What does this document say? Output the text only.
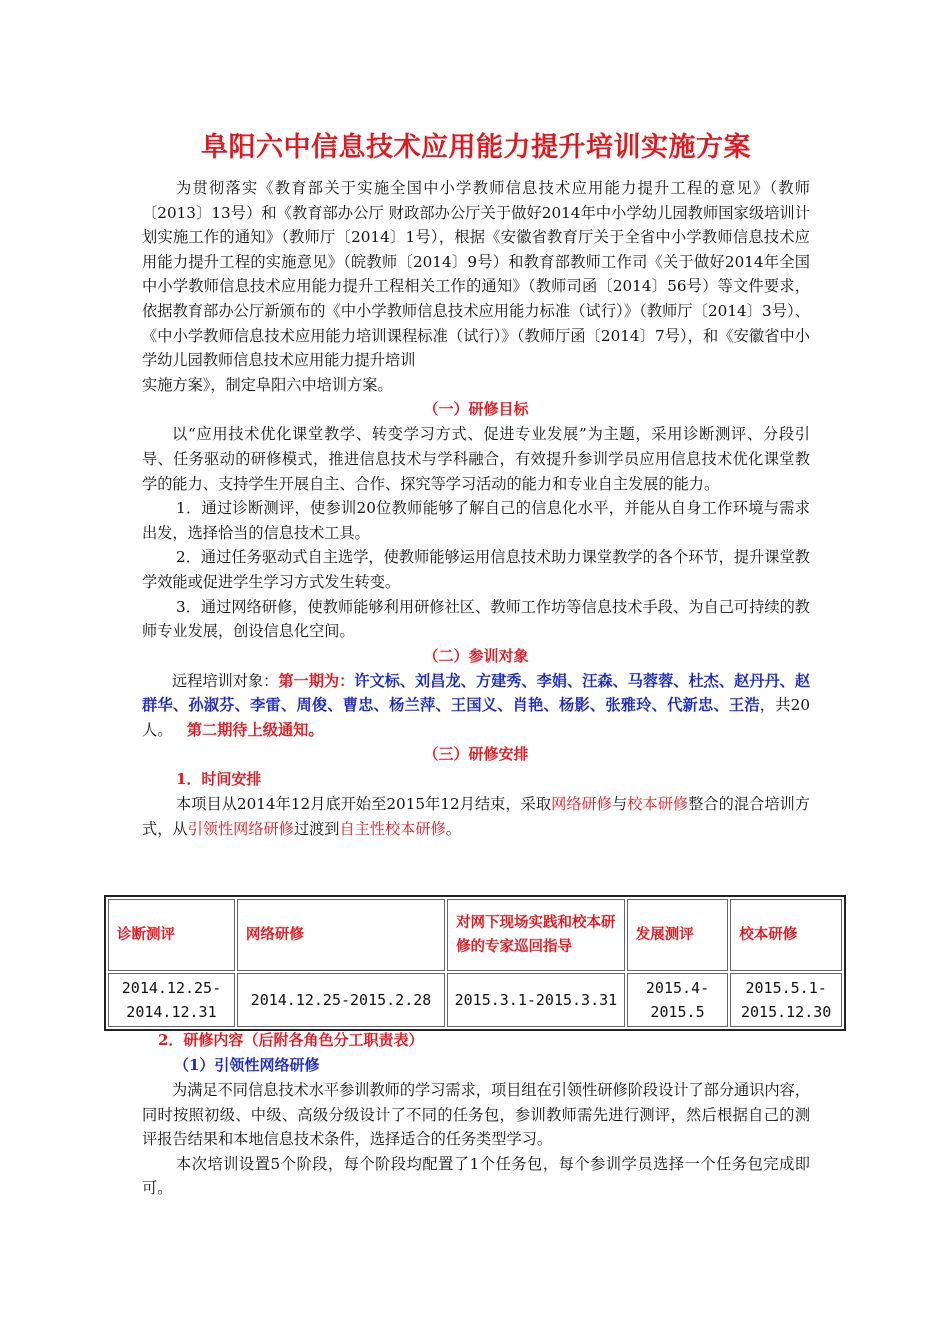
阜阳六中信息技术应用能力提升培训实施方案

为贯彻落实《教育部关于实施全国中小学教师信息技术应用能力提升工程的意见》（教师〔2013〕13号）和《教育部办公厅 财政部办公厅关于做好2014年中小学幼儿园教师国家级培训计划实施工作的通知》（教师厅〔2014〕1号），根据《安徽省教育厅关于全省中小学教师信息技术应用能力提升工程的实施意见》（皖教师〔2014〕9号）和教育部教师工作司《关于做好2014年全国中小学教师信息技术应用能力提升工程相关工作的通知》（教师司函〔2014〕56号）等文件要求，依据教育部办公厅新颁布的《中小学教师信息技术应用能力标准（试行）》（教师厅〔2014〕3号）、《中小学教师信息技术应用能力培训课程标准（试行）》（教师厅函〔2014〕7号），和《安徽省中小学幼儿园教师信息技术应用能力提升培训

实施方案》，制定阜阳六中培训方案。

（一）研修目标

以“应用技术优化课堂教学、转变学习方式、促进专业发展”为主题，采用诊断测评、分段引导、任务驱动的研修模式，推进信息技术与学科融合，有效提升参训学员应用信息技术优化课堂教学的能力、支持学生开展自主、合作、探究等学习活动的能力和专业自主发展的能力。

1．通过诊断测评，使参训20位教师能够了解自己的信息化水平，并能从自身工作环境与需求出发，选择恰当的信息技术工具。

2．通过任务驱动式自主选学，使教师能够运用信息技术助力课堂教学的各个环节，提升课堂教学效能或促进学生学习方式发生转变。

3．通过网络研修，使教师能够利用研修社区、教师工作坊等信息技术手段、为自己可持续的教师专业发展，创设信息化空间。

（二）参训对象

远程培训对象：第一期为：许文标、刘昌龙、方建秀、李娟、汪森、马蓉蓉、杜杰、赵丹丹、赵群华、孙淑芬、李雷、周俊、曹忠、杨兰萍、王国义、肖艳、杨影、张雅玲、代新忠、王浩，共20人。 第二期待上级通知。

（三）研修安排
1．时间安排

本项目从2014年12月底开始至2015年12月结束，采取网络研修与校本研修整合的混合培训方式，从引领性网络研修过渡到自主性校本研修。

诊断测评	网络研修	对网下现场实践和校本研修的专家巡回指导	发展测评	校本研修
2014.12.25-2014.12.31	2014.12.25-2015.2.28	2015.3.1-2015.3.31	2015.4-2015.5	2015.5.1-2015.12.30
2．研修内容（后附各角色分工职责表）
（1）引领性网络研修

为满足不同信息技术水平参训教师的学习需求，项目组在引领性研修阶段设计了部分通识内容，同时按照初级、中级、高级分级设计了不同的任务包，参训教师需先进行测评，然后根据自己的测评报告结果和本地信息技术条件，选择适合的任务类型学习。

本次培训设置5个阶段，每个阶段均配置了1个任务包，每个参训学员选择一个任务包完成即可。
